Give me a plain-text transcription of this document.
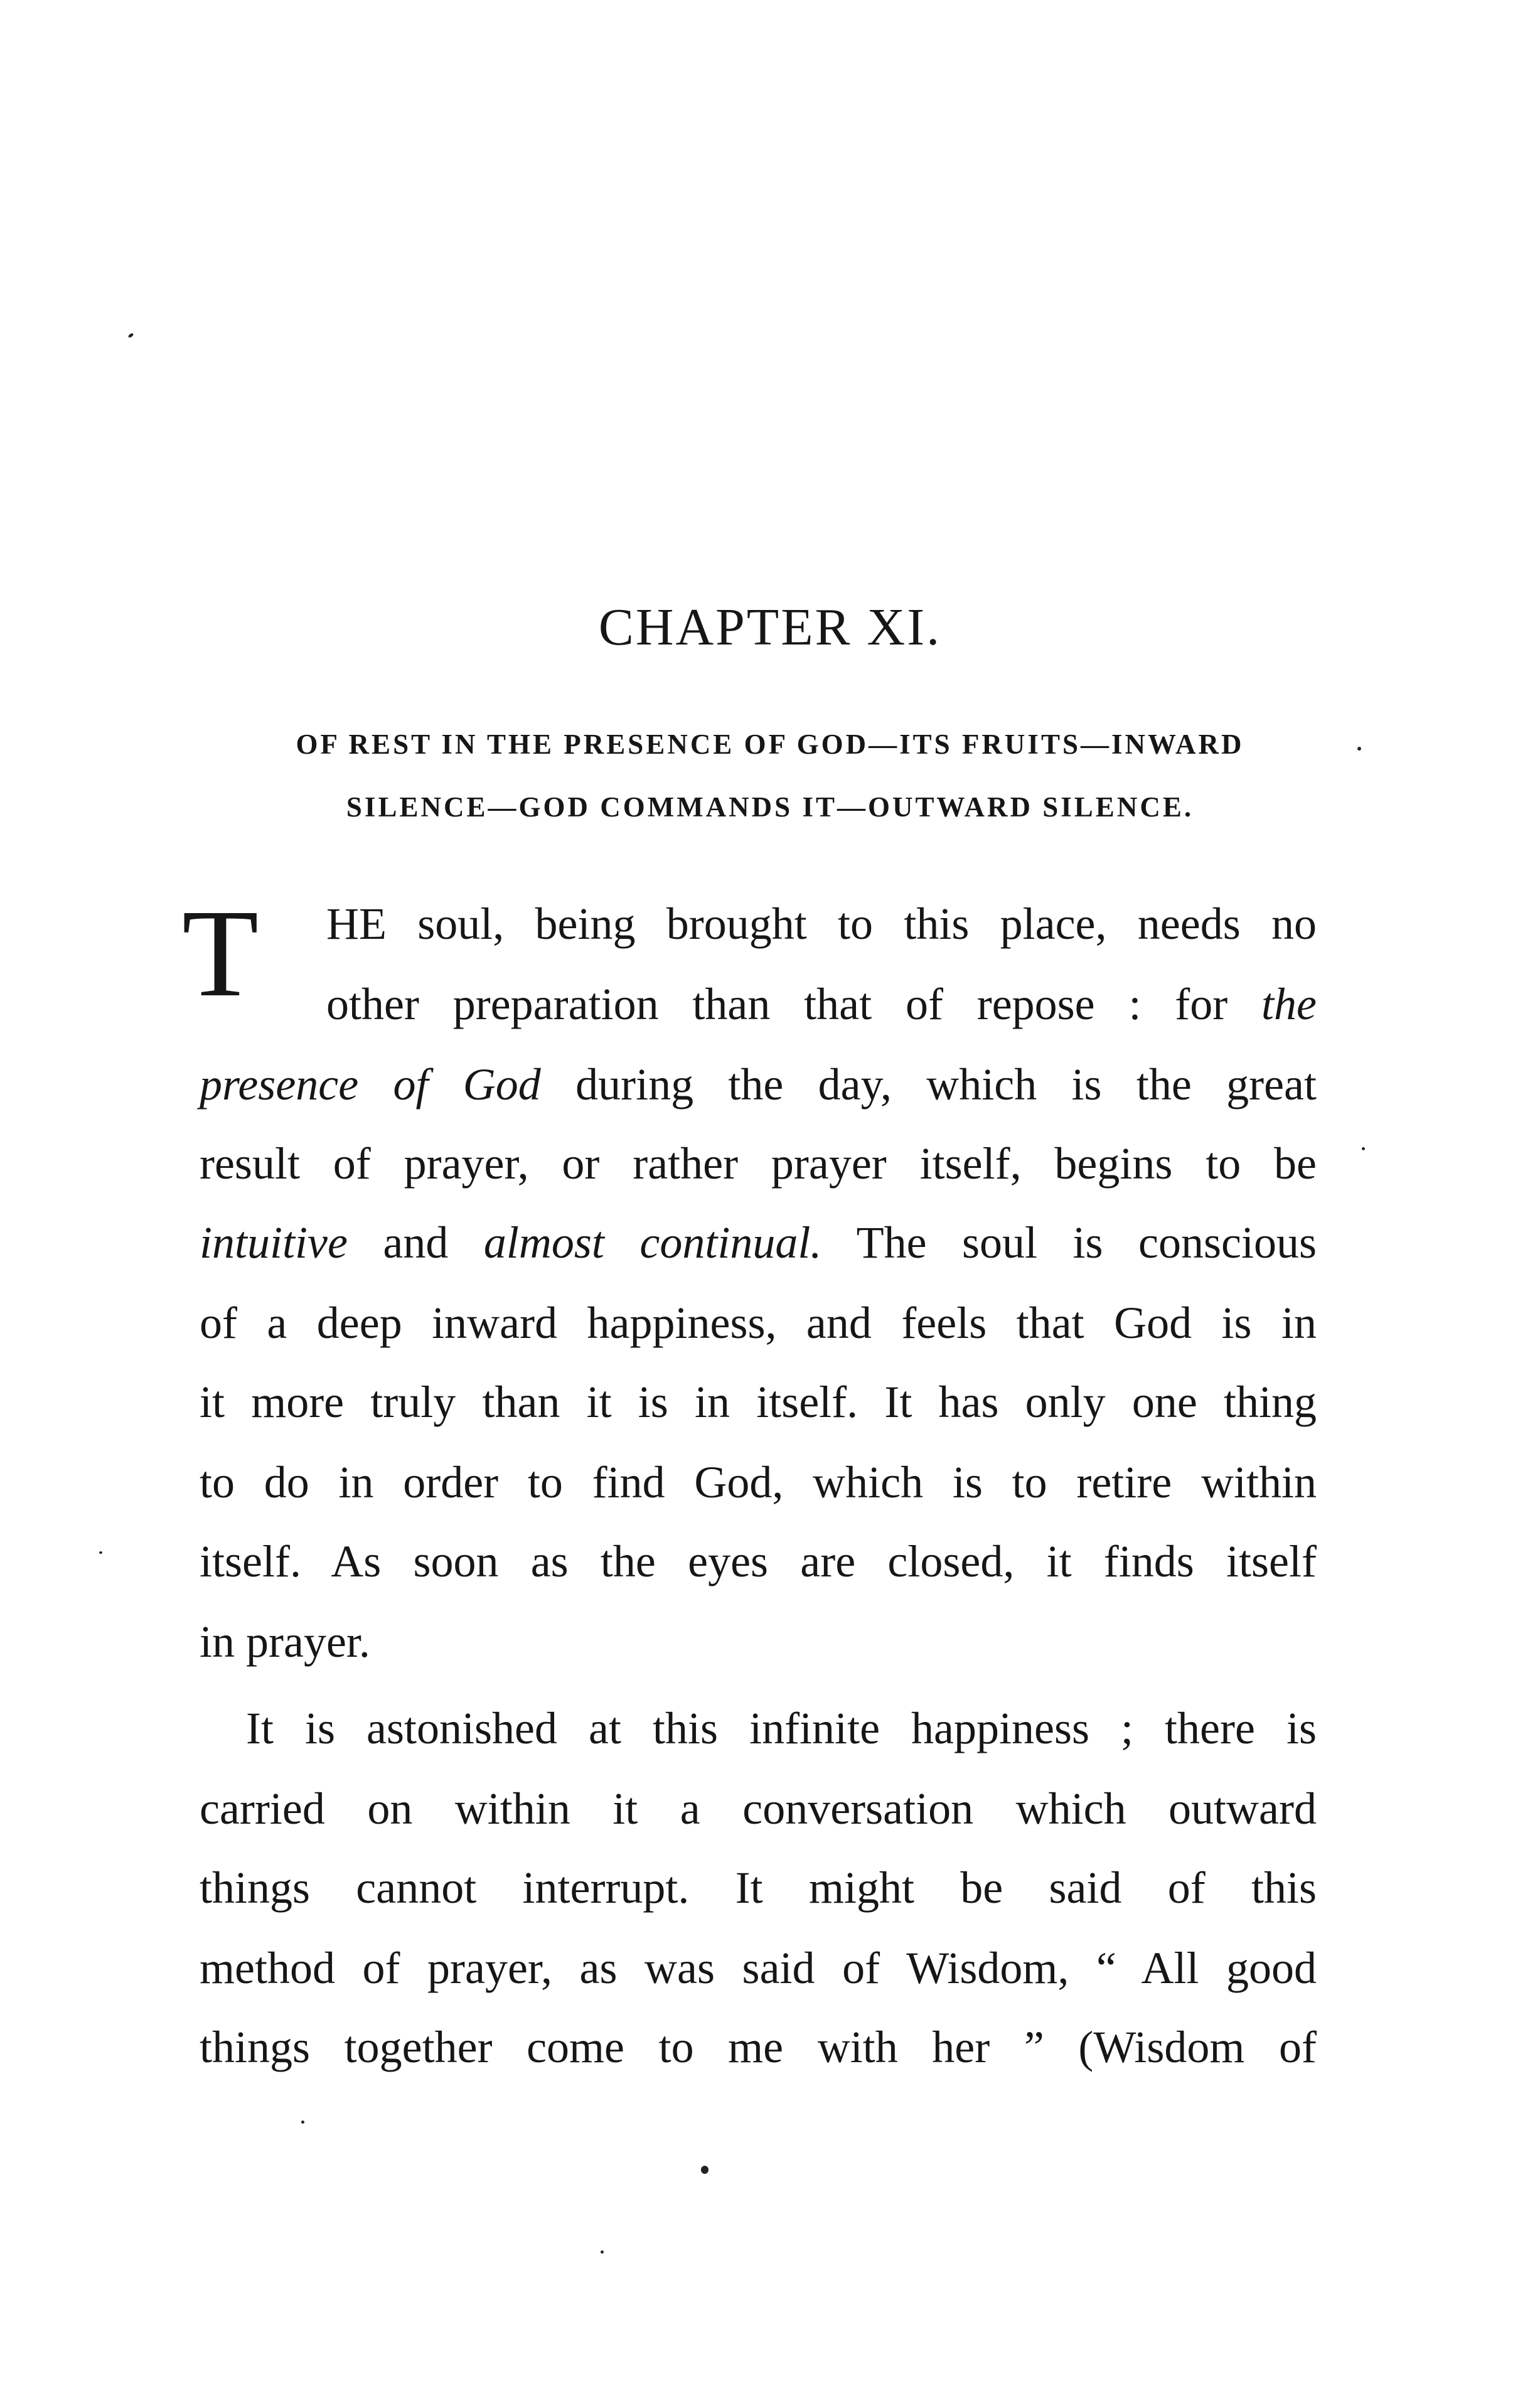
CHAPTER XI.
OF REST IN THE PRESENCE OF GOD—ITS FRUITS—INWARD
SILENCE—GOD COMMANDS IT—OUTWARD SILENCE.
T HE soul, being brought to this place, needs no
other preparation than that of repose : for the
presence of God during the day, which is the great
result of prayer, or rather prayer itself, begins to be
intuitive and almost continual. The soul is conscious
of a deep inward happiness, and feels that God is in
it more truly than it is in itself. It has only one thing
to do in order to find God, which is to retire within
itself. As soon as the eyes are closed, it finds itself
in prayer.
It is astonished at this infinite happiness ; there is
carried on within it a conversation which outward
things cannot interrupt. It might be said of this
method of prayer, as was said of Wisdom, “ All good
things together come to me with her ” (Wisdom of
